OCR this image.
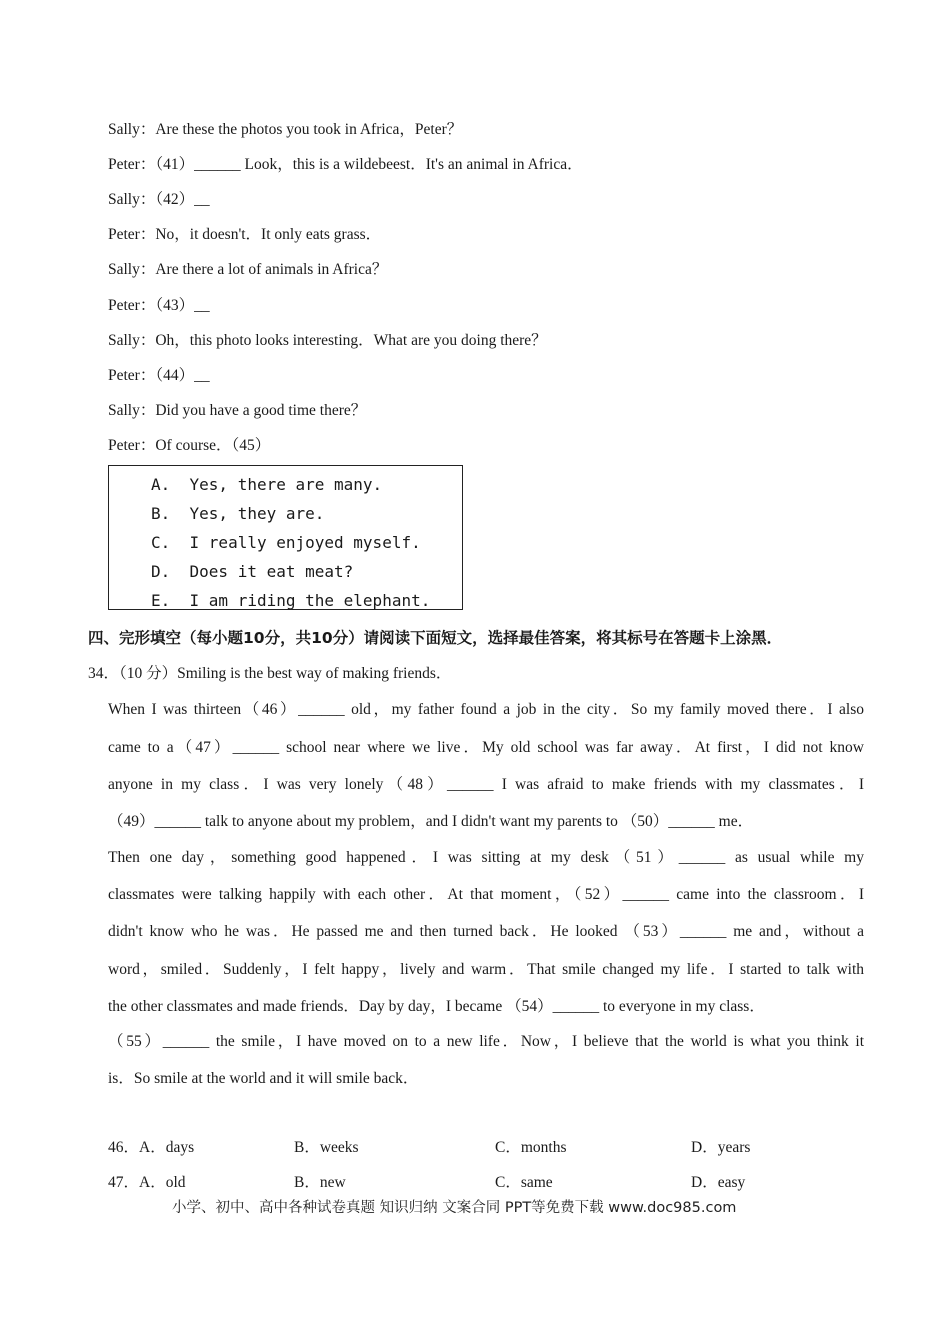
Sally：Are these the photos you took in Africa，Peter？
Peter：（41）______ Look，this is a wildebeest．It's an animal in Africa．
Sally：（42）__
Peter：No，it doesn't．It only eats grass．
Sally：Are there a lot of animals in Africa？
Peter：（43）__
Sally：Oh，this photo looks interesting．What are you doing there？
Peter：（44）__
Sally：Did you have a good time there？
Peter：Of course．（45）
A.  Yes, there are many.
B.  Yes, they are.
C.  I really enjoyed myself.
D.  Does it eat meat?
E.  I am riding the elephant.
四、完形填空（每小题10分，共10分）请阅读下面短文，选择最佳答案，将其标号在答题卡上涂黑．
34．（10 分）Smiling is the best way of making friends．
When I was thirteen（46）______ old，my father found a job in the city．So my family moved there．I also
came to a（47）______ school near where we live．My old school was far away．At first，I did not know
anyone in my class．I was very lonely（48）______ I was afraid to make friends with my classmates．I
（49）______ talk to anyone about my problem，and I didn't want my parents to （50）______ me．
Then one day，something good happened．I was sitting at my desk（51）______ as usual while my
classmates were talking happily with each other．At that moment，（52）______ came into the classroom．I
didn't know who he was．He passed me and then turned back．He looked （53）______ me and，without a
word，smiled．Suddenly，I felt happy，lively and warm．That smile changed my life．I started to talk with
the other classmates and made friends．Day by day，I became （54）______ to everyone in my class．
（55）______ the smile，I have moved on to a new life．Now，I believe that the world is what you think it
is．So smile at the world and it will smile back．
46．A．days	B．weeks	C．months	D．years
47．A．old	B．new	C．same	D．easy
小学、初中、高中各种试卷真题 知识归纳 文案合同 PPT等免费下载 www.doc985.com
